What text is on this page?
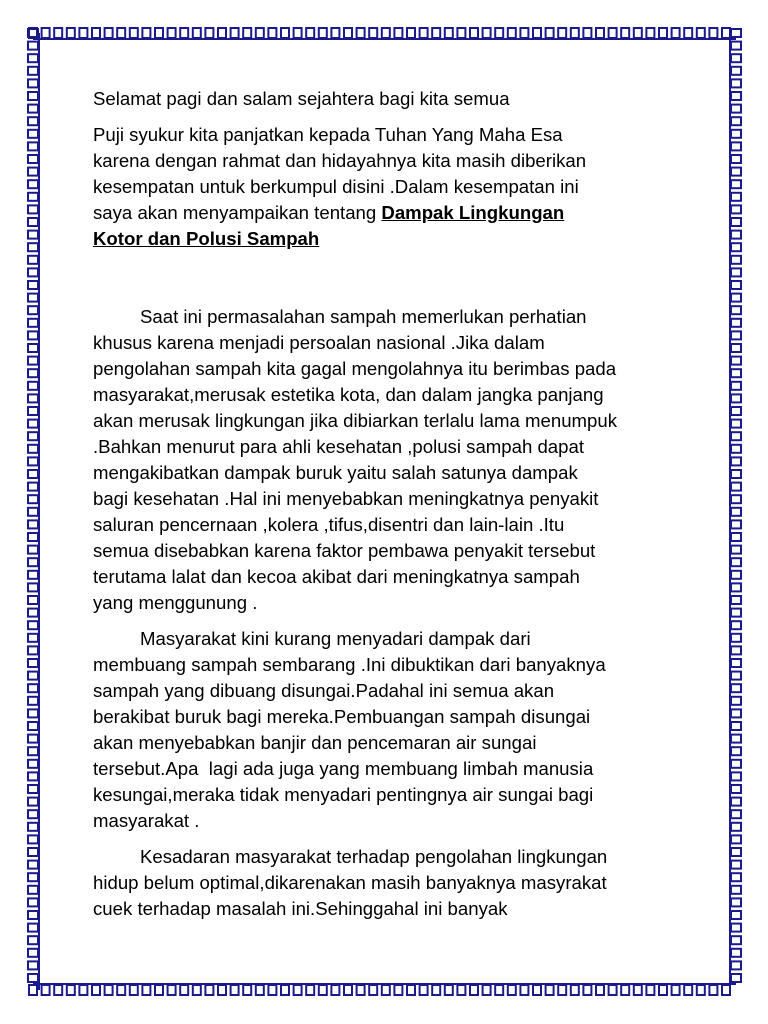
Selamat pagi dan salam sejahtera bagi kita semua
Puji syukur kita panjatkan kepada Tuhan Yang Maha Esa
karena dengan rahmat dan hidayahnya kita masih diberikan
kesempatan untuk berkumpul disini .Dalam kesempatan ini
saya akan menyampaikan tentang Dampak Lingkungan
Kotor dan Polusi Sampah
Saat ini permasalahan sampah memerlukan perhatian
khusus karena menjadi persoalan nasional .Jika dalam
pengolahan sampah kita gagal mengolahnya itu berimbas pada
masyarakat,merusak estetika kota, dan dalam jangka panjang
akan merusak lingkungan jika dibiarkan terlalu lama menumpuk
.Bahkan menurut para ahli kesehatan ,polusi sampah dapat
mengakibatkan dampak buruk yaitu salah satunya dampak
bagi kesehatan .Hal ini menyebabkan meningkatnya penyakit
saluran pencernaan ,kolera ,tifus,disentri dan lain-lain .Itu
semua disebabkan karena faktor pembawa penyakit tersebut
terutama lalat dan kecoa akibat dari meningkatnya sampah
yang menggunung .
Masyarakat kini kurang menyadari dampak dari
membuang sampah sembarang .Ini dibuktikan dari banyaknya
sampah yang dibuang disungai.Padahal ini semua akan
berakibat buruk bagi mereka.Pembuangan sampah disungai
akan menyebabkan banjir dan pencemaran air sungai
tersebut.Apa  lagi ada juga yang membuang limbah manusia
kesungai,meraka tidak menyadari pentingnya air sungai bagi
masyarakat .
Kesadaran masyarakat terhadap pengolahan lingkungan
hidup belum optimal,dikarenakan masih banyaknya masyrakat
cuek terhadap masalah ini.Sehinggahal ini banyak
